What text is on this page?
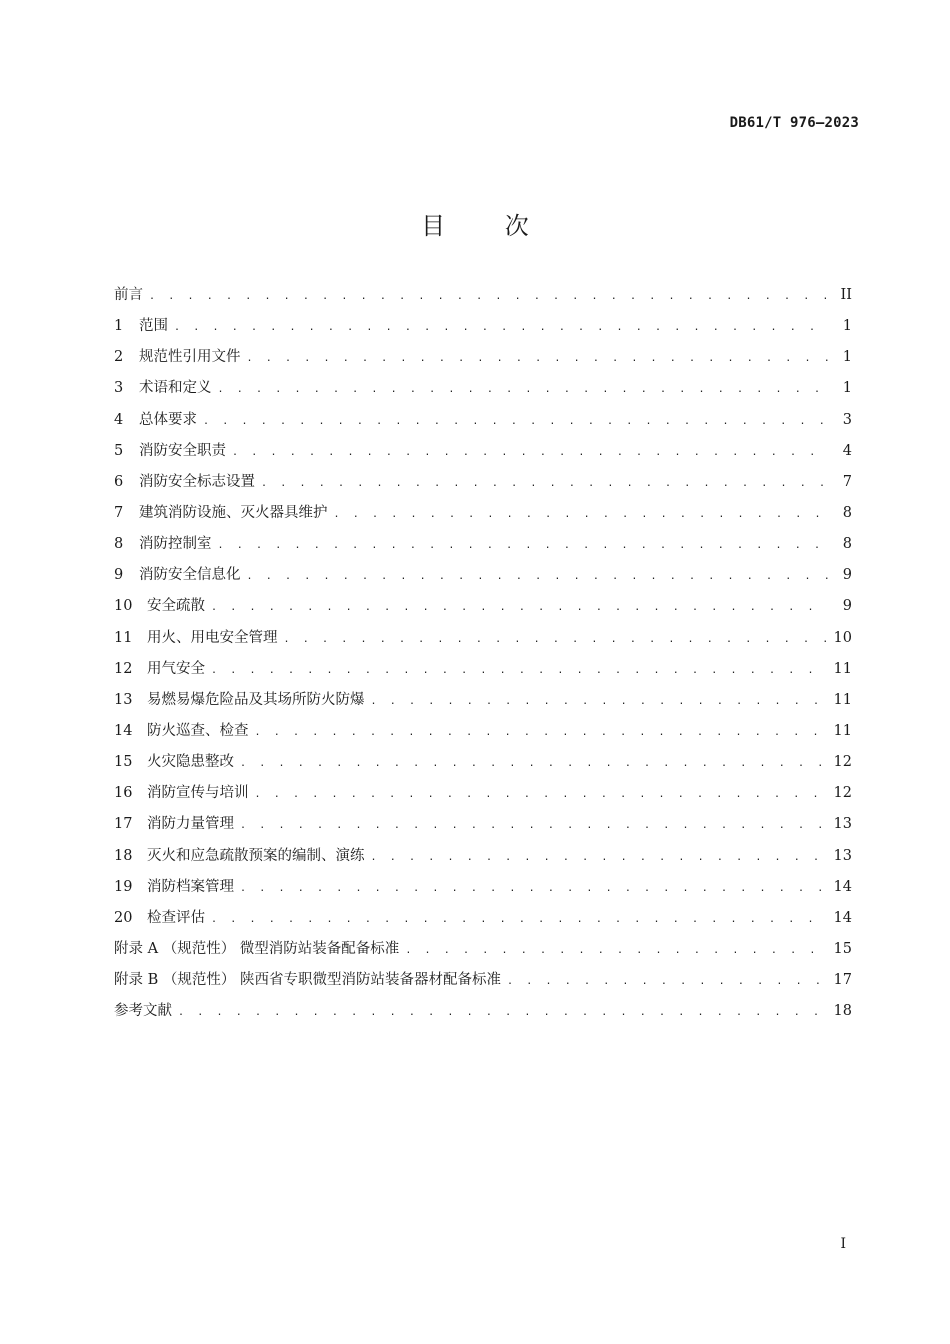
DB61/T 976—2023
目 次
前言 . . .	II
1 范围 . . .	1
2 规范性引用文件 . . .	1
3 术语和定义 . . .	1
4 总体要求 . . .	3
5 消防安全职责 . . .	4
6 消防安全标志设置 . . .	7
7 建筑消防设施、灭火器具维护 . . .	8
8 消防控制室 . . .	8
9 消防安全信息化 . . .	9
10 安全疏散 . . .	9
11 用火、用电安全管理 . . .	10
12 用气安全 . . .	11
13 易燃易爆危险品及其场所防火防爆 . . .	11
14 防火巡查、检查 . . .	11
15 火灾隐患整改 . . .	12
16 消防宣传与培训 . . .	12
17 消防力量管理 . . .	13
18 灭火和应急疏散预案的编制、演练 . . .	13
19 消防档案管理 . . .	14
20 检查评估 . . .	14
附录 A （规范性） 微型消防站装备配备标准 . . .	15
附录 B （规范性） 陕西省专职微型消防站装备器材配备标准 . . .	17
参考文献 . . .	18
I
